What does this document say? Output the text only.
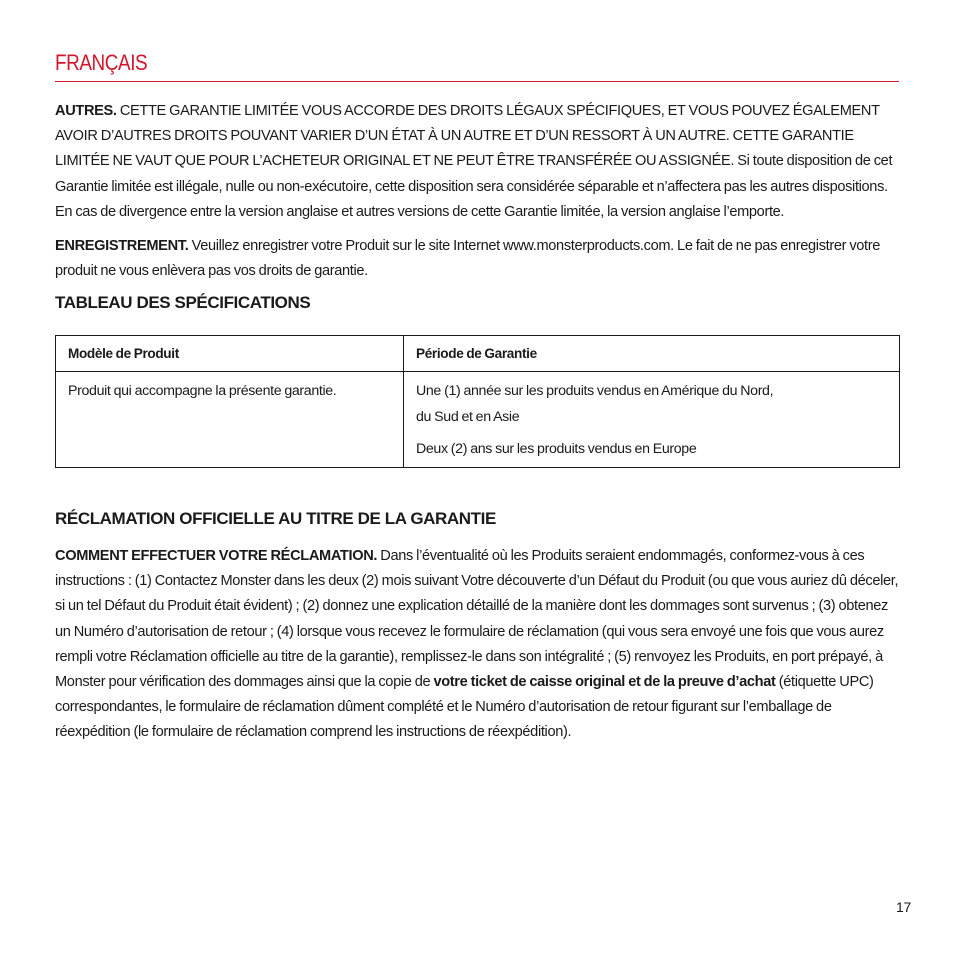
FRANÇAIS
AUTRES. CETTE GARANTIE LIMITÉE VOUS ACCORDE DES DROITS LÉGAUX SPÉCIFIQUES, ET VOUS POUVEZ ÉGALEMENT AVOIR D’AUTRES DROITS POUVANT VARIER D’UN ÉTAT À UN AUTRE ET D’UN RESSORT À UN AUTRE. CETTE GARANTIE LIMITÉE NE VAUT QUE POUR L’ACHETEUR ORIGINAL ET NE PEUT ÊTRE TRANSFÉRÉE OU ASSIGNÉE. Si toute disposition de cet Garantie limitée est illégale, nulle ou non-exécutoire, cette disposition sera considérée séparable et n’affectera pas les autres dispositions. En cas de divergence entre la version anglaise et autres versions de cette Garantie limitée, la version anglaise l’emporte.
ENREGISTREMENT. Veuillez enregistrer votre Produit sur le site Internet www.monsterproducts.com. Le fait de ne pas enregistrer votre produit ne vous enlèvera pas vos droits de garantie.
TABLEAU DES SPÉCIFICATIONS
Modèle de Produit	Période de Garantie
Produit qui accompagne la présente garantie.	Une (1) année sur les produits vendus en Amérique du Nord,
du Sud et en Asie
Deux (2) ans sur les produits vendus en Europe
RÉCLAMATION OFFICIELLE AU TITRE DE LA GARANTIE
COMMENT EFFECTUER VOTRE RÉCLAMATION. Dans l’éventualité où les Produits seraient endommagés, conformez-vous à ces instructions : (1) Contactez Monster dans les deux (2) mois suivant Votre découverte d’un Défaut du Produit (ou que vous auriez dû déceler, si un tel Défaut du Produit était évident) ; (2) donnez une explication détaillé de la manière dont les dommages sont survenus ; (3) obtenez un Numéro d’autorisation de retour ; (4) lorsque vous recevez le formulaire de réclamation (qui vous sera envoyé une fois que vous aurez rempli votre Réclamation officielle au titre de la garantie), remplissez-le dans son intégralité ; (5) renvoyez les Produits, en port prépayé, à Monster pour vérification des dommages ainsi que la copie de votre ticket de caisse original et de la preuve d’achat (étiquette UPC) correspondantes, le formulaire de réclamation dûment complété et le Numéro d’autorisation de retour figurant sur l’emballage de réexpédition (le formulaire de réclamation comprend les instructions de réexpédition).
17
